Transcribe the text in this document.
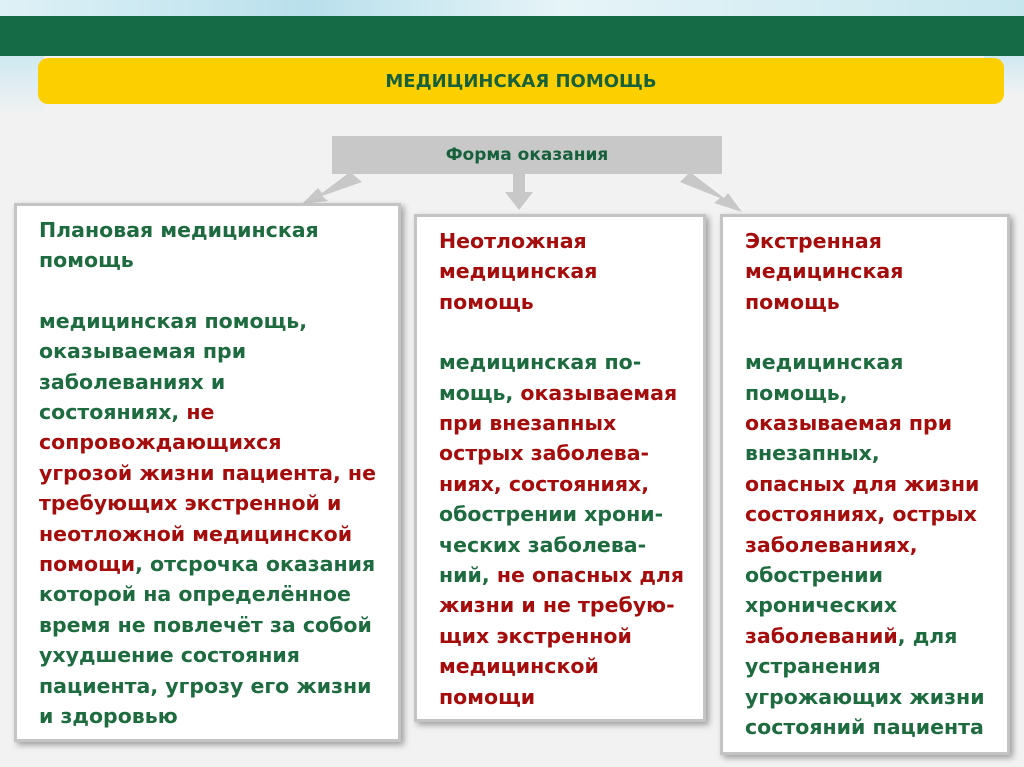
МЕДИЦИНСКАЯ ПОМОЩЬ
Форма оказания

Плановая медицинская

помощь

медицинская помощь,

оказываемая при

заболеваниях и

состояниях, не

сопровождающихся

угрозой жизни пациента, не

требующих экстренной и

неотложной медицинской

помощи, отсрочка оказания

которой на определённое

время не повлечёт за собой

ухудшение состояния

пациента, угрозу его жизни

и здоровью

Неотложная

медицинская

помощь

медицинская по-

мощь, оказываемая

при внезапных

острых заболева-

ниях, состояниях,

обострении хрони-

ческих заболева-

ний, не опасных для

жизни и не требую-

щих экстренной

медицинской

помощи

Экстренная

медицинская

помощь

медицинская

помощь,

оказываемая при

внезапных,

опасных для жизни

состояниях, острых

заболеваниях,

обострении

хронических

заболеваний, для

устранения

угрожающих жизни

состояний пациента
